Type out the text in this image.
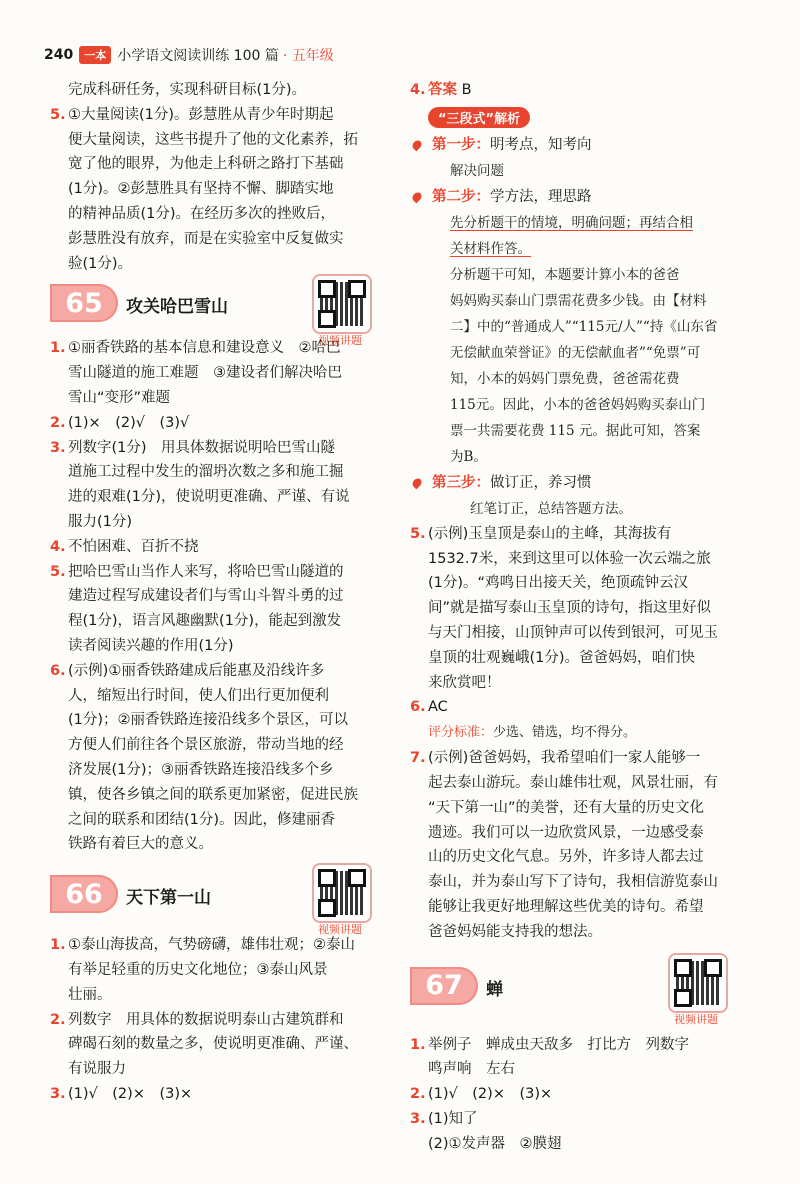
240	一本 小学语文阅读训练 100 篇 · 五年级

完成科研任务，实现科研目标(1分)。

5. ①大量阅读(1分)。彭慧胜从青少年时期起
便大量阅读，这些书提升了他的文化素养，拓
宽了他的眼界，为他走上科研之路打下基础
(1分)。②彭慧胜具有坚持不懈、脚踏实地
的精神品质(1分)。在经历多次的挫败后，
彭慧胜没有放弃，而是在实验室中反复做实
验(1分)。
65	攻关哈巴雪山
视频讲题
1. ①丽香铁路的基本信息和建设意义　②哈巴
雪山隧道的施工难题　③建设者们解决哈巴
雪山“变形”难题
2. (1)×　(2)√　(3)√
3. 列数字(1分)　用具体数据说明哈巴雪山隧
道施工过程中发生的溜坍次数之多和施工掘
进的艰难(1分)，使说明更准确、严谨、有说
服力(1分)
4. 不怕困难、百折不挠
5. 把哈巴雪山当作人来写，将哈巴雪山隧道的
建造过程写成建设者们与雪山斗智斗勇的过
程(1分)，语言风趣幽默(1分)，能起到激发
读者阅读兴趣的作用(1分)
6. (示例)①丽香铁路建成后能惠及沿线许多
人，缩短出行时间，使人们出行更加便利
(1分)；②丽香铁路连接沿线多个景区，可以
方便人们前往各个景区旅游，带动当地的经
济发展(1分)；③丽香铁路连接沿线多个乡
镇，使各乡镇之间的联系更加紧密，促进民族
之间的联系和团结(1分)。因此，修建丽香
铁路有着巨大的意义。
66	天下第一山
视频讲题
1. ①泰山海拔高，气势磅礴，雄伟壮观；②泰山
有举足轻重的历史文化地位；③泰山风景
壮丽。
2. 列数字　用具体的数据说明泰山古建筑群和
碑碣石刻的数量之多，使说明更准确、严谨、
有说服力
3. (1)√　(2)×　(3)×
4. 答案 B
“三段式”解析
第一步：明考点，知考向
解决问题
第二步：学方法，理思路
先分析题干的情境，明确问题；再结合相
关材料作答。
分析题干可知，本题要计算小本的爸爸
妈妈购买泰山门票需花费多少钱。由【材料
二】中的“普通成人”“115元/人”“持《山东省
无偿献血荣誉证》的无偿献血者”“免票”可
知，小本的妈妈门票免费，爸爸需花费
115元。因此，小本的爸爸妈妈购买泰山门
票一共需要花费 115 元。据此可知，答案
为B。
第三步：做订正，养习惯
红笔订正，总结答题方法。
5. (示例)玉皇顶是泰山的主峰，其海拔有
1532.7米，来到这里可以体验一次云端之旅
(1分)。“鸡鸣日出接天关，绝顶疏钟云汉
间”就是描写泰山玉皇顶的诗句，指这里好似
与天门相接，山顶钟声可以传到银河，可见玉
皇顶的壮观巍峨(1分)。爸爸妈妈，咱们快
来欣赏吧！
6. AC
评分标准：少选、错选，均不得分。
7. (示例)爸爸妈妈，我希望咱们一家人能够一
起去泰山游玩。泰山雄伟壮观，风景壮丽，有
“天下第一山”的美誉，还有大量的历史文化
遗迹。我们可以一边欣赏风景，一边感受泰
山的历史文化气息。另外，许多诗人都去过
泰山，并为泰山写下了诗句，我相信游览泰山
能够让我更好地理解这些优美的诗句。希望
爸爸妈妈能支持我的想法。
67	蝉
视频讲题
1. 举例子　蝉成虫天敌多　打比方　列数字
鸣声响　左右
2. (1)√　(2)×　(3)×
3. (1)知了
(2)①发声器　②膜翅
